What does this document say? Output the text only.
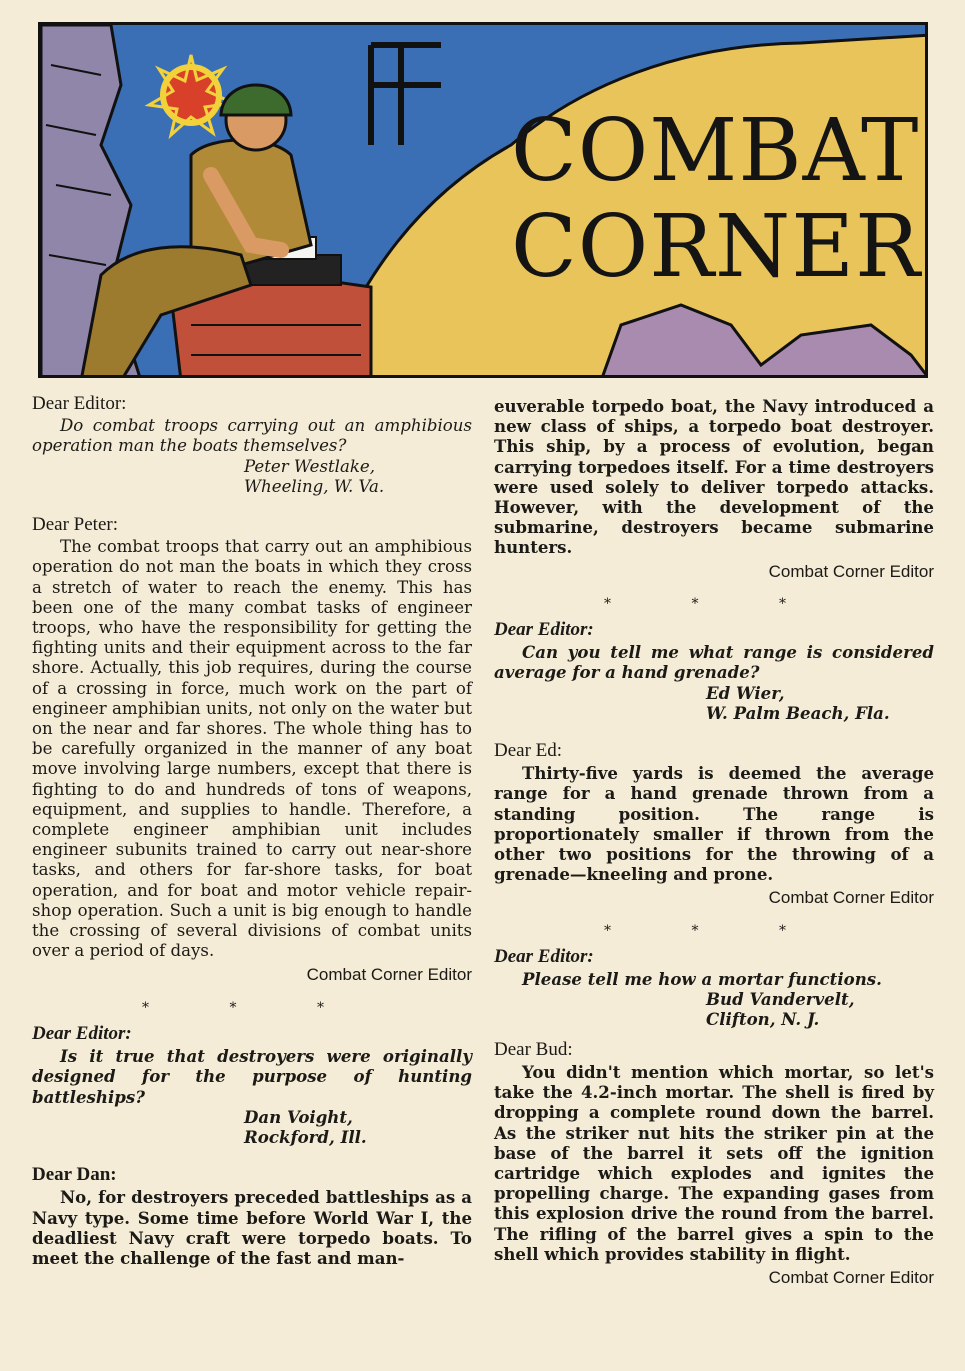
COMBAT
CORNER

Dear Editor:

Do combat troops carrying out an amphibious operation man the boats themselves?

Peter Westlake,

Wheeling, W. Va.

Dear Peter:

The combat troops that carry out an amphibious operation do not man the boats in which they cross a stretch of water to reach the enemy. This has been one of the many combat tasks of engineer troops, who have the responsibility for getting the fighting units and their equipment across to the far shore. Actually, this job requires, during the course of a crossing in force, much work on the part of engineer amphibian units, not only on the water but on the near and far shores. The whole thing has to be carefully organized in the manner of any boat move involving large numbers, except that there is fighting to do and hundreds of tons of weapons, equipment, and supplies to handle. Therefore, a complete engineer amphibian unit includes engineer subunits trained to carry out near-shore tasks, and others for far-shore tasks, for boat operation, and for boat and motor vehicle repair-shop operation. Such a unit is big enough to handle the crossing of several divisions of combat units over a period of days.

Combat Corner Editor

* * *

Dear Editor:

Is it true that destroyers were originally designed for the purpose of hunting battleships?

Dan Voight,

Rockford, Ill.

Dear Dan:

No, for destroyers preceded battleships as a Navy type. Some time before World War I, the deadliest Navy craft were torpedo boats. To meet the challenge of the fast and man-

euverable torpedo boat, the Navy introduced a new class of ships, a torpedo boat destroyer. This ship, by a process of evolution, began carrying torpedoes itself. For a time destroyers were used solely to deliver torpedo attacks. However, with the development of the submarine, destroyers became submarine hunters.

Combat Corner Editor

* * *

Dear Editor:

Can you tell me what range is considered average for a hand grenade?

Ed Wier,

W. Palm Beach, Fla.

Dear Ed:

Thirty-five yards is deemed the average range for a hand grenade thrown from a standing position. The range is proportionately smaller if thrown from the other two positions for the throwing of a grenade—kneeling and prone.

Combat Corner Editor

* * *

Dear Editor:

Please tell me how a mortar functions.

Bud Vandervelt,

Clifton, N. J.

Dear Bud:

You didn't mention which mortar, so let's take the 4.2-inch mortar. The shell is fired by dropping a complete round down the barrel. As the striker nut hits the striker pin at the base of the barrel it sets off the ignition cartridge which explodes and ignites the propelling charge. The expanding gases from this explosion drive the round from the barrel. The rifling of the barrel gives a spin to the shell which provides stability in flight.

Combat Corner Editor
